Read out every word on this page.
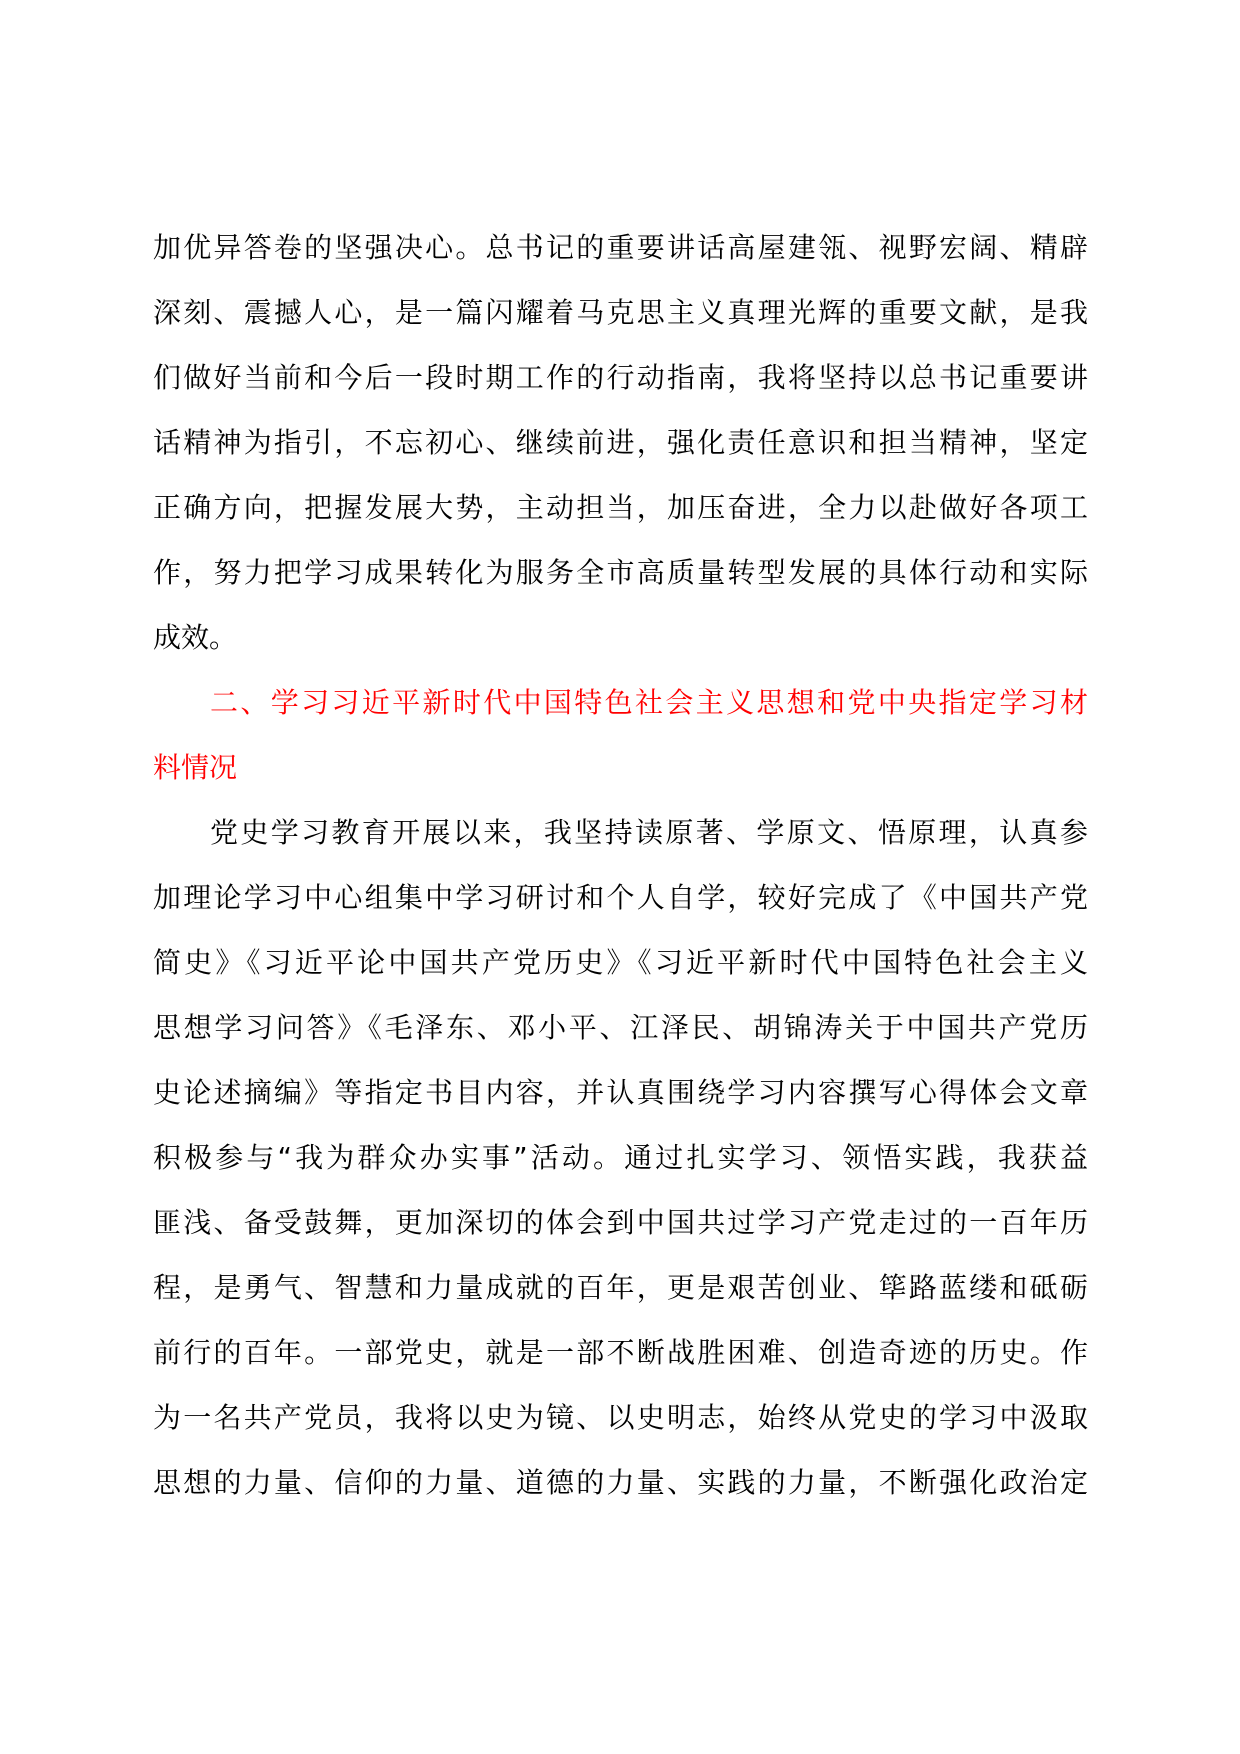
加优异答卷的坚强决心。总书记的重要讲话高屋建瓴、视野宏阔、精辟
深刻、震撼人心，是一篇闪耀着马克思主义真理光辉的重要文献，是我
们做好当前和今后一段时期工作的行动指南，我将坚持以总书记重要讲
话精神为指引，不忘初心、继续前进，强化责任意识和担当精神，坚定
正确方向，把握发展大势，主动担当，加压奋进，全力以赴做好各项工
作，努力把学习成果转化为服务全市高质量转型发展的具体行动和实际
成效。
二、学习习近平新时代中国特色社会主义思想和党中央指定学习材
料情况
党史学习教育开展以来，我坚持读原著、学原文、悟原理，认真参
加理论学习中心组集中学习研讨和个人自学，较好完成了《中国共产党
简史》《习近平论中国共产党历史》《习近平新时代中国特色社会主义
思想学习问答》《毛泽东、邓小平、江泽民、胡锦涛关于中国共产党历
史论述摘编》等指定书目内容，并认真围绕学习内容撰写心得体会文章
积极参与“我为群众办实事”活动。通过扎实学习、领悟实践，我获益
匪浅、备受鼓舞，更加深切的体会到中国共过学习产党走过的一百年历
程，是勇气、智慧和力量成就的百年，更是艰苦创业、筚路蓝缕和砥砺
前行的百年。一部党史，就是一部不断战胜困难、创造奇迹的历史。作
为一名共产党员，我将以史为镜、以史明志，始终从党史的学习中汲取
思想的力量、信仰的力量、道德的力量、实践的力量，不断强化政治定
